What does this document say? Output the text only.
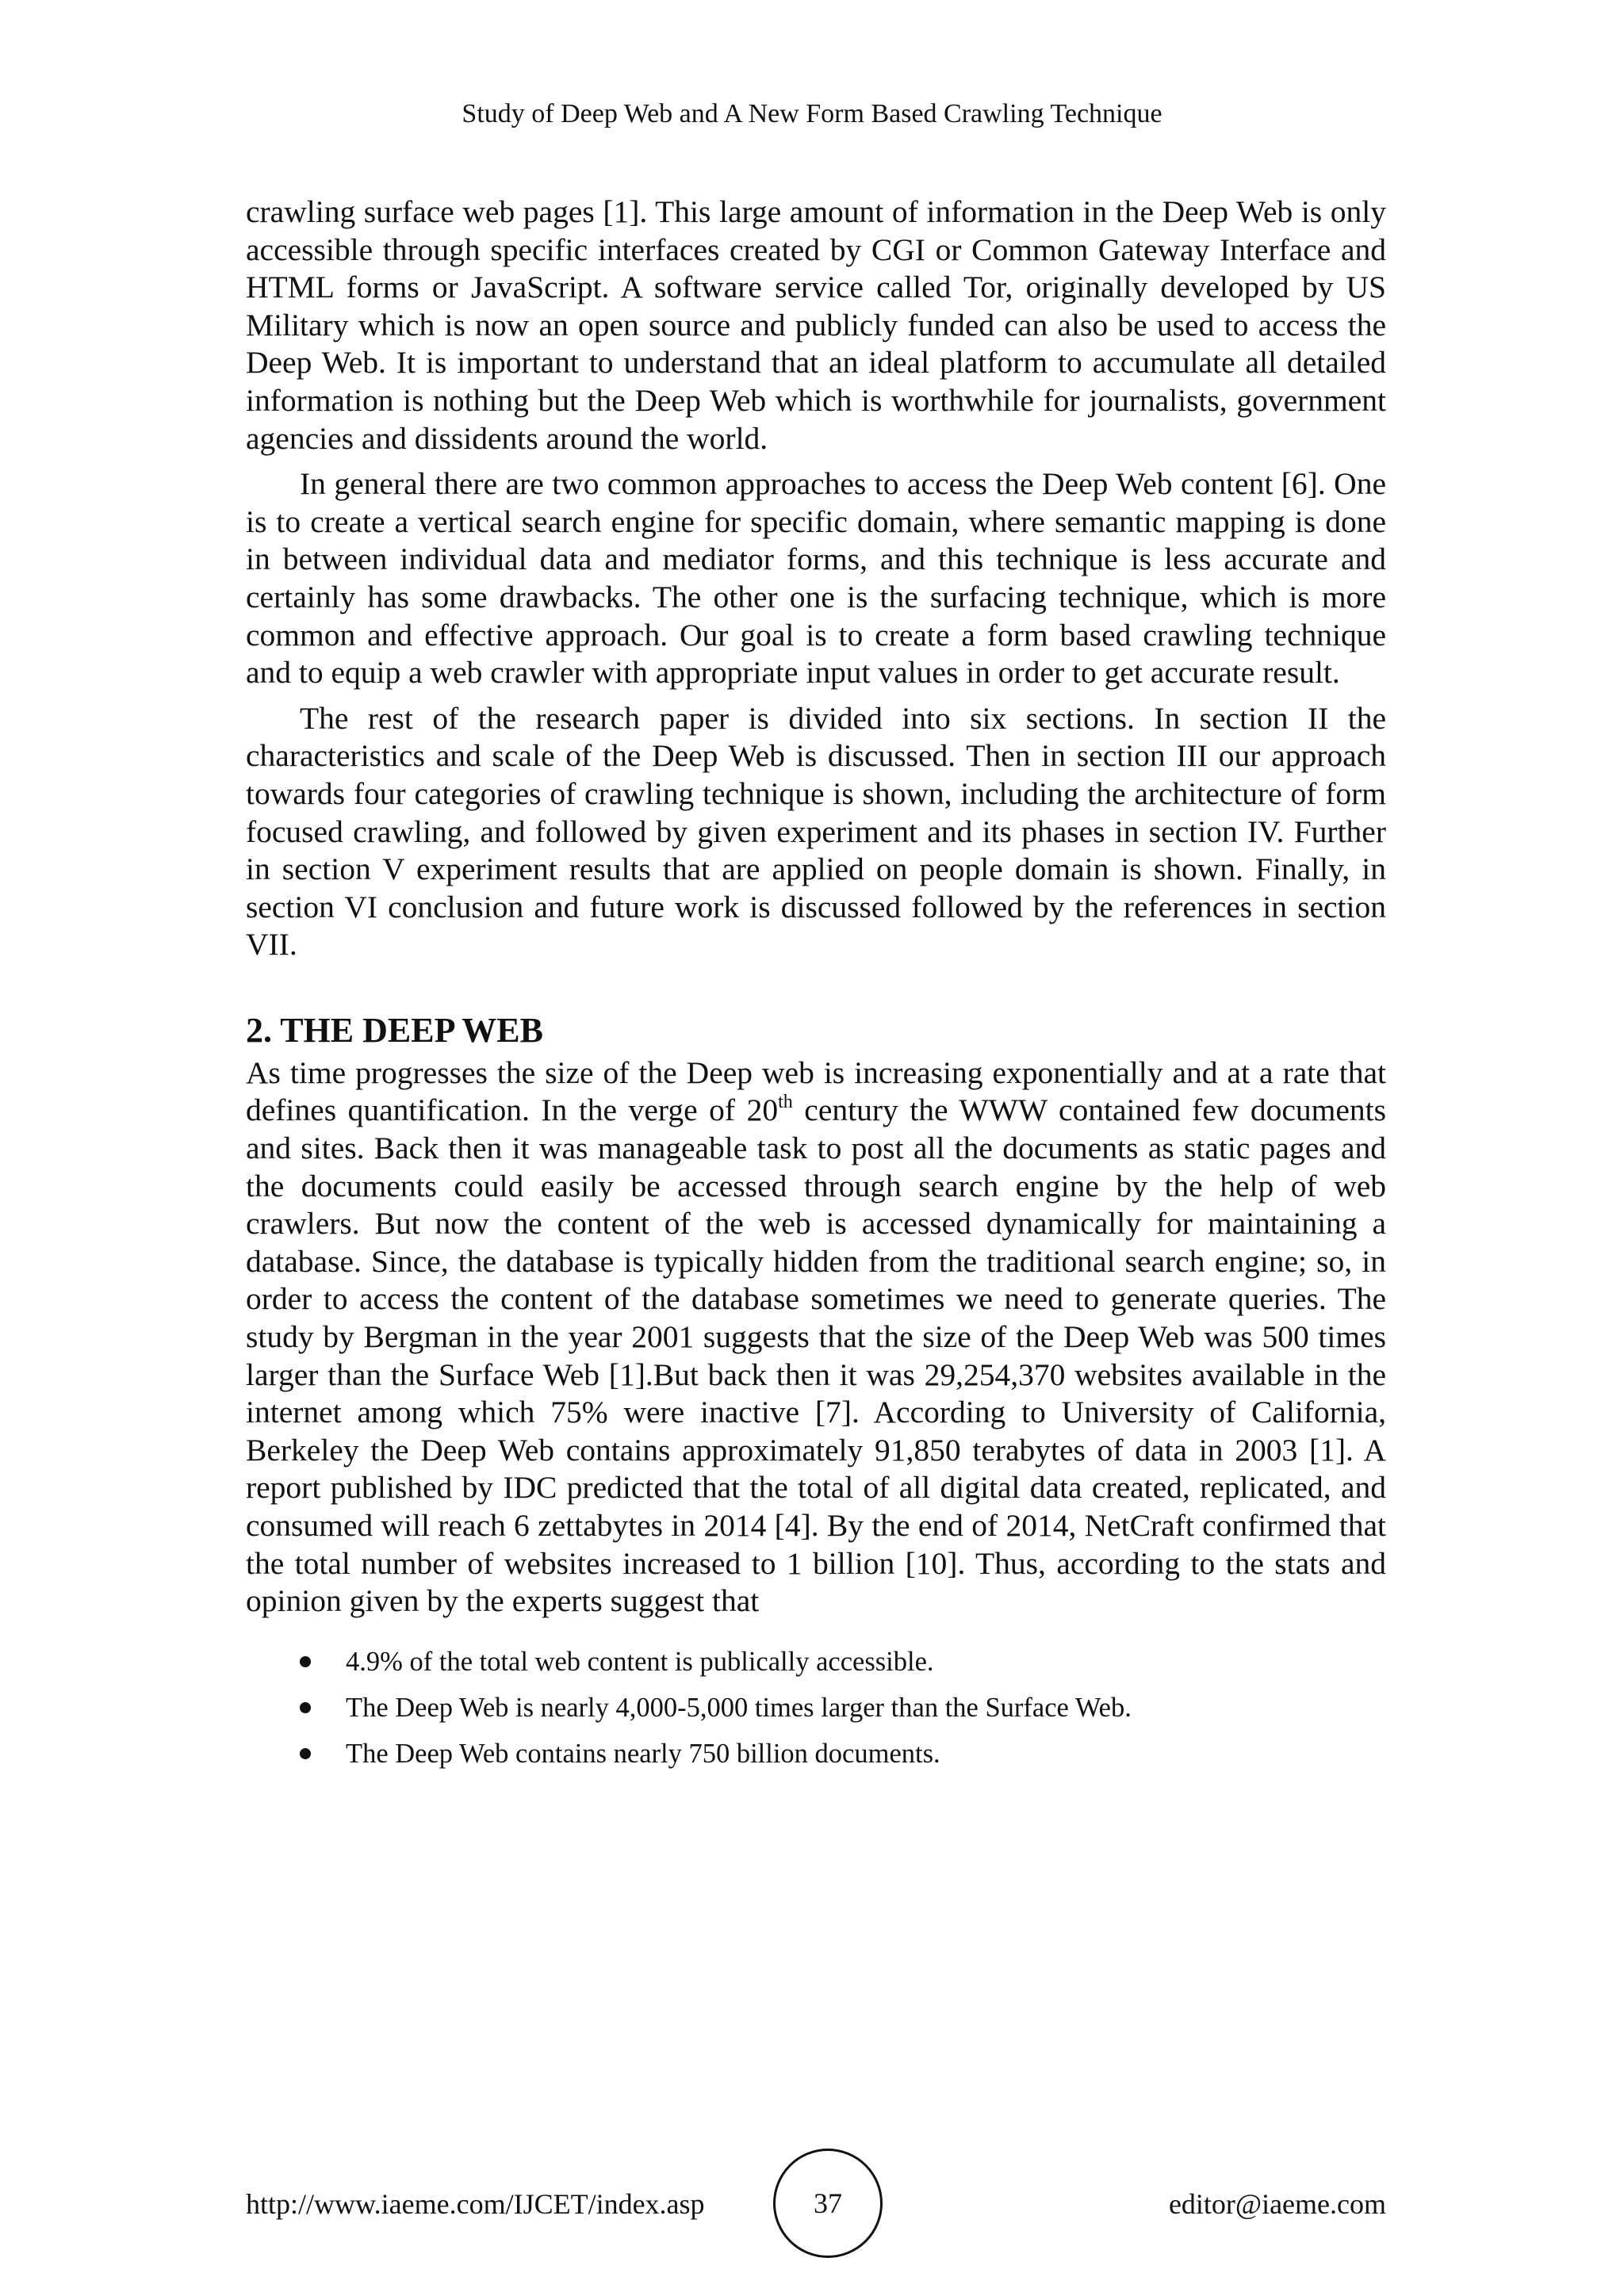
Study of Deep Web and A New Form Based Crawling Technique

crawling surface web pages [1]. This large amount of information in the Deep Web is only accessible through specific interfaces created by CGI or Common Gateway Interface and HTML forms or JavaScript. A software service called Tor, originally developed by US Military which is now an open source and publicly funded can also be used to access the Deep Web. It is important to understand that an ideal platform to accumulate all detailed information is nothing but the Deep Web which is worthwhile for journalists, government agencies and dissidents around the world.

In general there are two common approaches to access the Deep Web content [6]. One is to create a vertical search engine for specific domain, where semantic mapping is done in between individual data and mediator forms, and this technique is less accurate and certainly has some drawbacks. The other one is the surfacing technique, which is more common and effective approach. Our goal is to create a form based crawling technique and to equip a web crawler with appropriate input values in order to get accurate result.

The rest of the research paper is divided into six sections. In section II the characteristics and scale of the Deep Web is discussed. Then in section III our approach towards four categories of crawling technique is shown, including the architecture of form focused crawling, and followed by given experiment and its phases in section IV. Further in section V experiment results that are applied on people domain is shown. Finally, in section VI conclusion and future work is discussed followed by the references in section VII.

2. THE DEEP WEB

As time progresses the size of the Deep web is increasing exponentially and at a rate that defines quantification. In the verge of 20th century the WWW contained few documents and sites. Back then it was manageable task to post all the documents as static pages and the documents could easily be accessed through search engine by the help of web crawlers. But now the content of the web is accessed dynamically for maintaining a database. Since, the database is typically hidden from the traditional search engine; so, in order to access the content of the database sometimes we need to generate queries. The study by Bergman in the year 2001 suggests that the size of the Deep Web was 500 times larger than the Surface Web [1].But back then it was 29,254,370 websites available in the internet among which 75% were inactive [7]. According to University of California, Berkeley the Deep Web contains approximately 91,850 terabytes of data in 2003 [1]. A report published by IDC predicted that the total of all digital data created, replicated, and consumed will reach 6 zettabytes in 2014 [4]. By the end of 2014, NetCraft confirmed that the total number of websites increased to 1 billion [10]. Thus, according to the stats and opinion given by the experts suggest that

4.9% of the total web content is publically accessible.
The Deep Web is nearly 4,000-5,000 times larger than the Surface Web.
The Deep Web contains nearly 750 billion documents.
http://www.iaeme.com/IJCET/index.asp	37	editor@iaeme.com
